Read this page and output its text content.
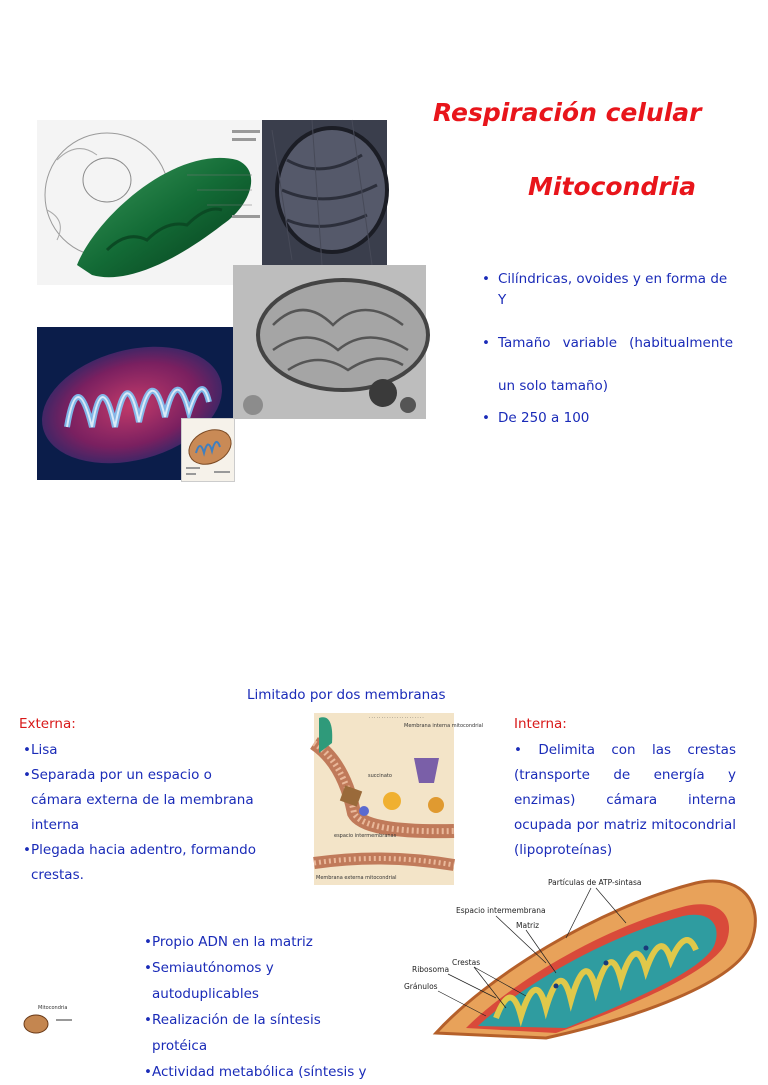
Respiración celular
Mitocondria
• Cilíndricas, ovoides y en forma de Y
• Tamaño variable (habitualmente un solo tamaño)
• De 250 a 100
Limitado por dos membranas
Externa:
• Lisa
• Separada por un espacio o cámara externa de la membrana interna
• Plegada hacia adentro, formando crestas.
· · · · · · · · · · · · · · · · · · · · · ·
Membrana interna mitocondrial
succinato
espacio intermembranas
Membrana externa mitocondrial
Interna:
• Delimita con las crestas (transporte de energía y enzimas) cámara interna ocupada por matriz mitocondrial (lipoproteínas)
• Propio ADN en la matriz
• Semiautónomos y autoduplicables
• Realización de la síntesis protéica
• Actividad metabólica (síntesis y
Mitocondria
Partículas de ATP-sintasa
Espacio intermembrana
Matriz
Crestas
Ribosoma
Gránulos
